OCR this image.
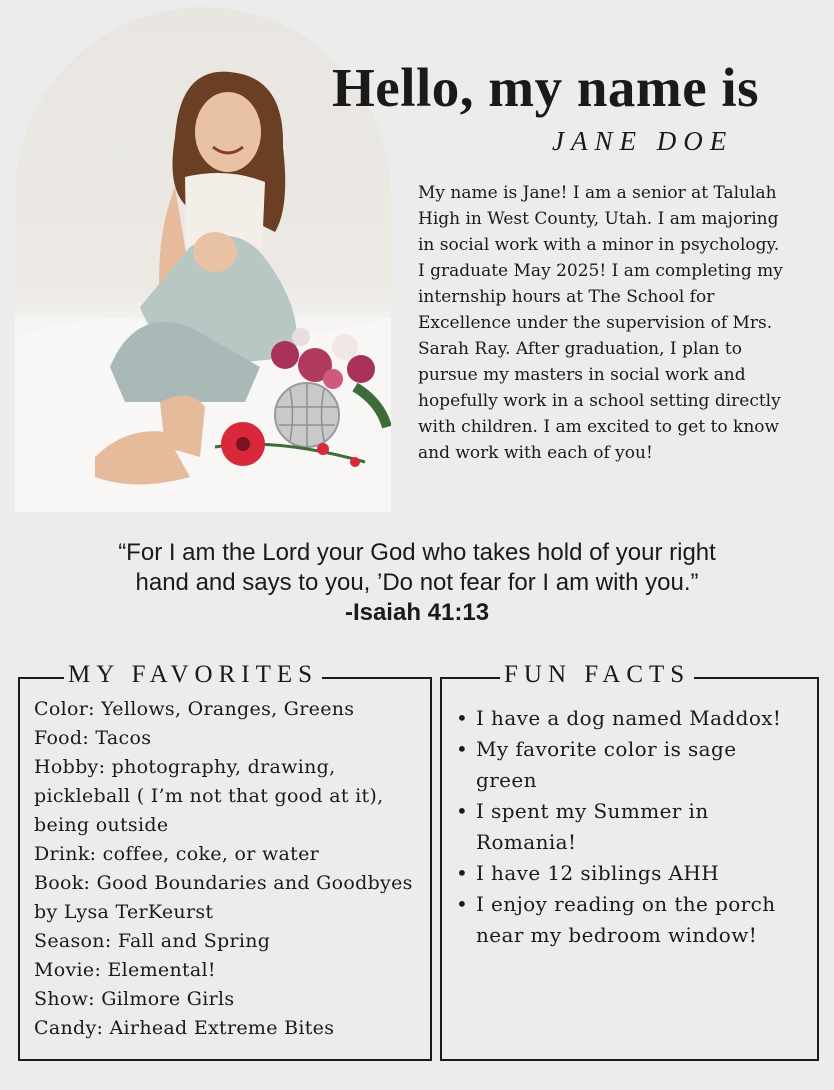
Hello, my name is
JANE DOE
My name is Jane! I am a senior at Talulah High in West County, Utah. I am majoring in social work with a minor in psychology. I graduate May 2025! I am completing my internship hours at The School for Excellence under the supervision of Mrs. Sarah Ray. After graduation, I plan to pursue my masters in social work and hopefully work in a school setting directly with children. I am excited to get to know and work with each of you!
“For I am the Lord your God who takes hold of your right
hand and says to you, ’Do not fear for I am with you.”
-Isaiah 41:13
MY FAVORITES
Color: Yellows, Oranges, Greens
Food: Tacos
Hobby: photography, drawing, pickleball ( I’m not that good at it), being outside
Drink: coffee, coke, or water
Book: Good Boundaries and Goodbyes by Lysa TerKeurst
Season: Fall and Spring
Movie: Elemental!
Show: Gilmore Girls
Candy: Airhead Extreme Bites
FUN FACTS
• I have a dog named Maddox!
• My favorite color is sage green
• I spent my Summer in Romania!
• I have 12 siblings AHH
• I enjoy reading on the porch near my bedroom window!
